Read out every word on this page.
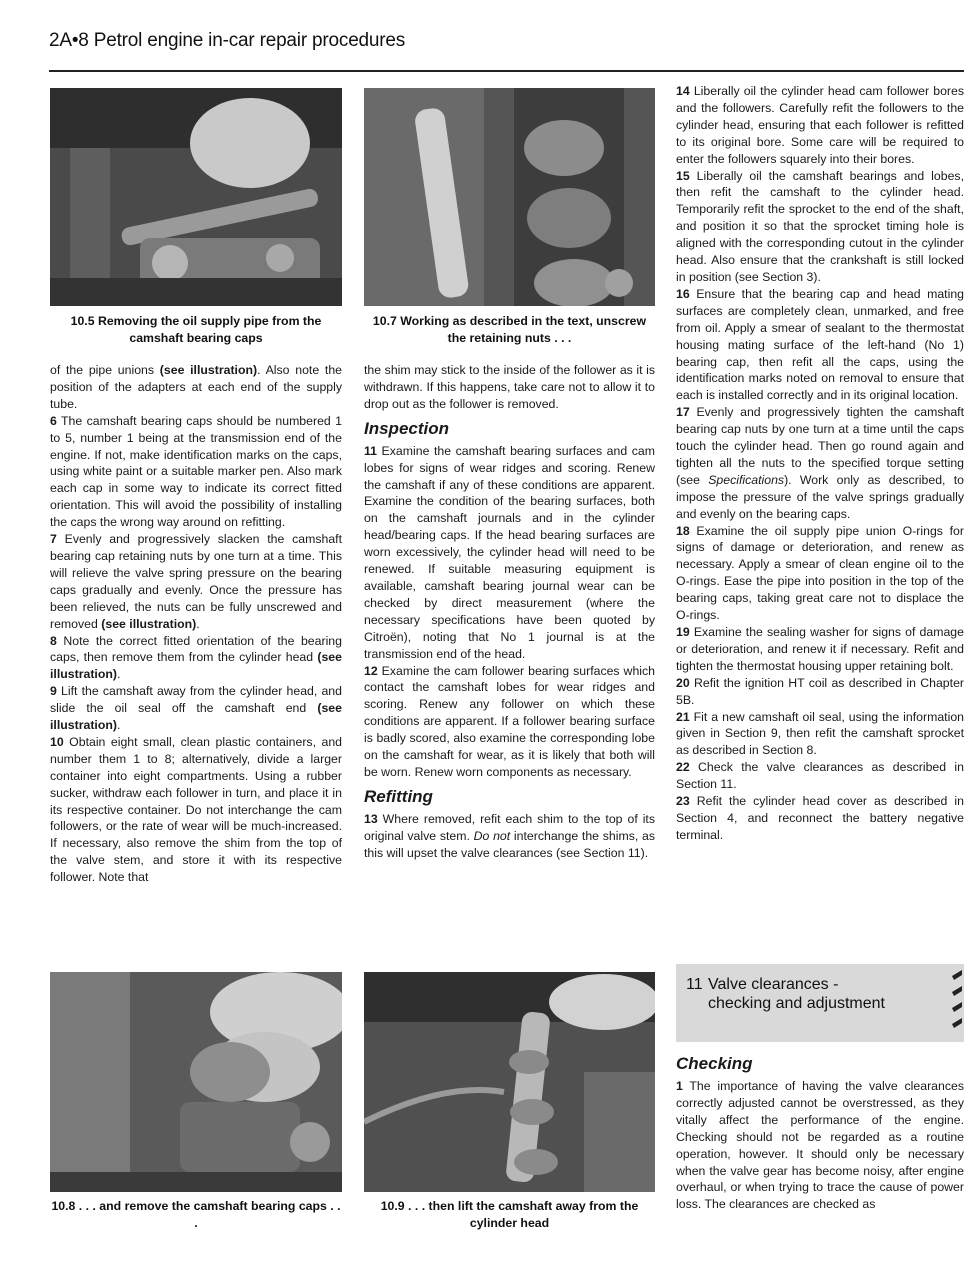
2A•8 Petrol engine in-car repair procedures
10.5 Removing the oil supply pipe from the camshaft bearing caps
10.7 Working as described in the text, unscrew the retaining nuts . . .

of the pipe unions (see illustration). Also note the position of the adapters at each end of the supply tube.

6 The camshaft bearing caps should be numbered 1 to 5, number 1 being at the transmission end of the engine. If not, make identification marks on the caps, using white paint or a suitable marker pen. Also mark each cap in some way to indicate its correct fitted orientation. This will avoid the possibility of installing the caps the wrong way around on refitting.

7 Evenly and progressively slacken the camshaft bearing cap retaining nuts by one turn at a time. This will relieve the valve spring pressure on the bearing caps gradually and evenly. Once the pressure has been relieved, the nuts can be fully unscrewed and removed (see illustration).

8 Note the correct fitted orientation of the bearing caps, then remove them from the cylinder head (see illustration).

9 Lift the camshaft away from the cylinder head, and slide the oil seal off the camshaft end (see illustration).

10 Obtain eight small, clean plastic containers, and number them 1 to 8; alternatively, divide a larger container into eight compartments. Using a rubber sucker, withdraw each follower in turn, and place it in its respective container. Do not interchange the cam followers, or the rate of wear will be much-increased. If necessary, also remove the shim from the top of the valve stem, and store it with its respective follower. Note that

the shim may stick to the inside of the follower as it is withdrawn. If this happens, take care not to allow it to drop out as the follower is removed.

Inspection

11 Examine the camshaft bearing surfaces and cam lobes for signs of wear ridges and scoring. Renew the camshaft if any of these conditions are apparent. Examine the condition of the bearing surfaces, both on the camshaft journals and in the cylinder head/bearing caps. If the head bearing surfaces are worn excessively, the cylinder head will need to be renewed. If suitable measuring equipment is available, camshaft bearing journal wear can be checked by direct measurement (where the necessary specifications have been quoted by Citroën), noting that No 1 journal is at the transmission end of the head.

12 Examine the cam follower bearing surfaces which contact the camshaft lobes for wear ridges and scoring. Renew any follower on which these conditions are apparent. If a follower bearing surface is badly scored, also examine the corresponding lobe on the camshaft for wear, as it is likely that both will be worn. Renew worn components as necessary.

Refitting

13 Where removed, refit each shim to the top of its original valve stem. Do not interchange the shims, as this will upset the valve clearances (see Section 11).

14 Liberally oil the cylinder head cam follower bores and the followers. Carefully refit the followers to the cylinder head, ensuring that each follower is refitted to its original bore. Some care will be required to enter the followers squarely into their bores.

15 Liberally oil the camshaft bearings and lobes, then refit the camshaft to the cylinder head. Temporarily refit the sprocket to the end of the shaft, and position it so that the sprocket timing hole is aligned with the corresponding cutout in the cylinder head. Also ensure that the crankshaft is still locked in position (see Section 3).

16 Ensure that the bearing cap and head mating surfaces are completely clean, unmarked, and free from oil. Apply a smear of sealant to the thermostat housing mating surface of the left-hand (No 1) bearing cap, then refit all the caps, using the identification marks noted on removal to ensure that each is installed correctly and in its original location.

17 Evenly and progressively tighten the camshaft bearing cap nuts by one turn at a time until the caps touch the cylinder head. Then go round again and tighten all the nuts to the specified torque setting (see Specifications). Work only as described, to impose the pressure of the valve springs gradually and evenly on the bearing caps.

18 Examine the oil supply pipe union O-rings for signs of damage or deterioration, and renew as necessary. Apply a smear of clean engine oil to the O-rings. Ease the pipe into position in the top of the bearing caps, taking great care not to displace the O-rings.

19 Examine the sealing washer for signs of damage or deterioration, and renew it if necessary. Refit and tighten the thermostat housing upper retaining bolt.

20 Refit the ignition HT coil as described in Chapter 5B.

21 Fit a new camshaft oil seal, using the information given in Section 9, then refit the camshaft sprocket as described in Section 8.

22 Check the valve clearances as described in Section 11.

23 Refit the cylinder head cover as described in Section 4, and reconnect the battery negative terminal.

11 Valve clearances -
checking and adjustment
Checking

1 The importance of having the valve clearances correctly adjusted cannot be overstressed, as they vitally affect the performance of the engine. Checking should not be regarded as a routine operation, however. It should only be necessary when the valve gear has become noisy, after engine overhaul, or when trying to trace the cause of power loss. The clearances are checked as

10.8 . . . and remove the camshaft bearing caps . . .
10.9 . . . then lift the camshaft away from the cylinder head
